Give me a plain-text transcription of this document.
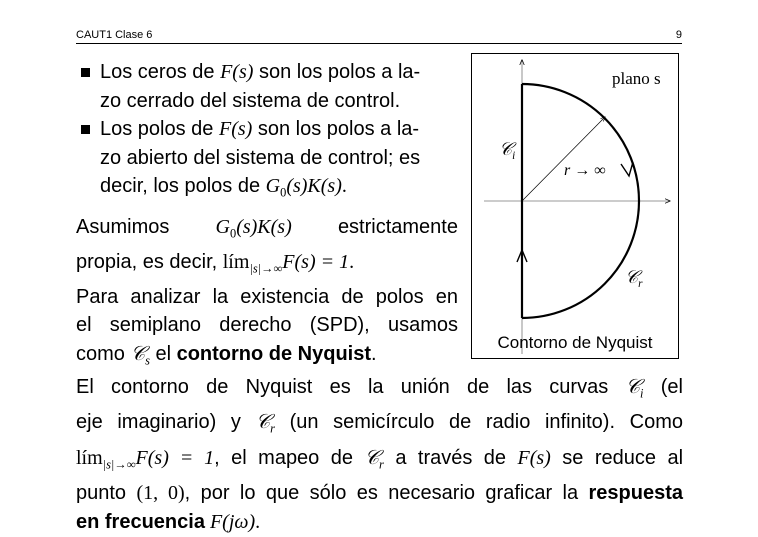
CAUT1 Clase 6	9
Los ceros de F(s) son los polos a la-
zo cerrado del sistema de control.
Los polos de F(s) son los polos a la-
zo abierto del sistema de control; es
decir, los polos de $G_0(s)K(s)$.
Asumimos $G_0(s)K(s)$ estrictamente
propia, es decir, lím$_{|s|\to\infty}$F(s) = 1.
Para analizar la existencia de polos en
el semiplano derecho (SPD), usamos
como 𝒞$_s$ el contorno de Nyquist.
plano s
r → ∞
𝒞$_i$
𝒞$_r$
Contorno de Nyquist
El contorno de Nyquist es la unión de las curvas 𝒞$_i$ (el
eje imaginario) y 𝒞$_r$ (un semicírculo de radio infinito). Como
lím$_{|s|\to\infty}$F(s) = 1, el mapeo de 𝒞$_r$ a través de F(s) se reduce al
punto (1, 0), por lo que sólo es necesario graficar la respuesta
en frecuencia F(jω).
